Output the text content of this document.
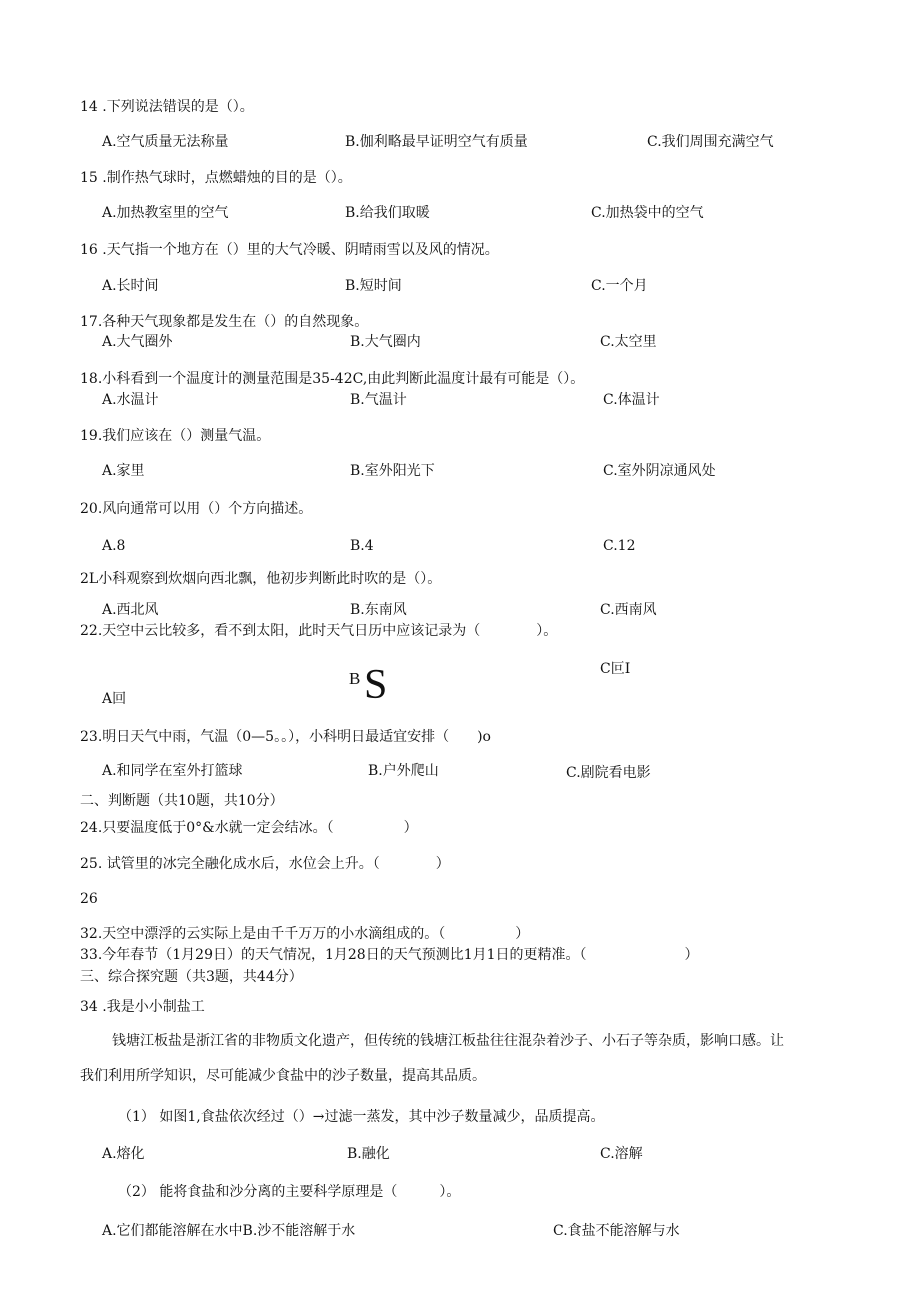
14 .下列说法错误的是（）。
A.空气质量无法称量	B.伽利略最早证明空气有质量	C.我们周围充满空气
15 .制作热气球时，点燃蜡烛的目的是（）。
A.加热教室里的空气	B.给我们取暖	C.加热袋中的空气
16 .天气指一个地方在（）里的大气冷暖、阴晴雨雪以及风的情况。
A.长时间	B.短时间	C.一个月
17.各种天气现象都是发生在（）的自然现象。
A.大气圈外	B.大气圈内	C.太空里
18.小科看到一个温度计的测量范围是35-42C,由此判断此温度计最有可能是（）。
A.水温计	B.气温计	C.体温计
19.我们应该在（）测量气温。
A.家里	B.室外阳光下	C.室外阴凉通风处
20.风向通常可以用（）个方向描述。
A.8	B.4	C.12
2L小科观察到炊烟向西北飘，他初步判断此时吹的是（）。
A.西北风	B.东南风	C.西南风
22.天空中云比较多，看不到太阳，此时天气日历中应该记录为（　　　　）。
C叵I
A回
B S
23.明日天气中雨，气温（0—5。。），小科明日最适宜安排（　　)o
A.和同学在室外打篮球	B.户外爬山	C.剧院看电影
二、判断题（共10题，共10分）
24.只要温度低于0°&水就一定会结冰。（　　　　　）
25. 试管里的冰完全融化成水后，水位会上升。（　　　　）
26
32.天空中漂浮的云实际上是由千千万万的小水滴组成的。（　　　　　）
33.今年春节（1月29日）的天气情况，1月28日的天气预测比1月1日的更精准。（　　　　　　　）
三、综合探究题（共3题，共44分）
34 .我是小小制盐工
钱塘江板盐是浙江省的非物质文化遗产，但传统的钱塘江板盐往往混杂着沙子、小石子等杂质，影响口感。让
我们利用所学知识，尽可能减少食盐中的沙子数量，提高其品质。
（1） 如图1,食盐依次经过（）→过滤一蒸发，其中沙子数量减少，品质提高。
A.熔化	B.融化	C.溶解
（2） 能将食盐和沙分离的主要科学原理是（　　　）。
A.它们都能溶解在水中B.沙不能溶解于水	C.食盐不能溶解与水
